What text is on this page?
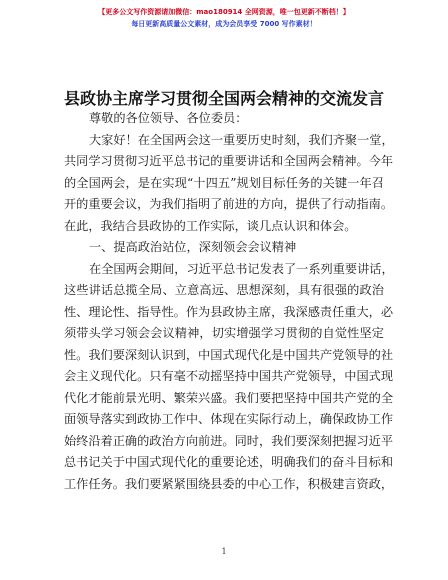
【更多公文写作资源请加微信：mao180914 全网资源，唯一包更新不断档！】
每日更新高质量公文素材，成为会员享受 7000 写作素材！
县政协主席学习贯彻全国两会精神的交流发言
尊敬的各位领导、各位委员：
大家好！在全国两会这一重要历史时刻，我们齐聚一堂，
共同学习贯彻习近平总书记的重要讲话和全国两会精神。今年
的全国两会，是在实现“十四五”规划目标任务的关键一年召
开的重要会议，为我们指明了前进的方向，提供了行动指南。
在此，我结合县政协的工作实际，谈几点认识和体会。
一、提高政治站位，深刻领会会议精神
在全国两会期间，习近平总书记发表了一系列重要讲话，
这些讲话总揽全局、立意高远、思想深刻，具有很强的政治
性、理论性、指导性。作为县政协主席，我深感责任重大，必
须带头学习领会会议精神，切实增强学习贯彻的自觉性坚定
性。我们要深刻认识到，中国式现代化是中国共产党领导的社
会主义现代化。只有毫不动摇坚持中国共产党领导，中国式现
代化才能前景光明、繁荣兴盛。我们要把坚持中国共产党的全
面领导落实到政协工作中、体现在实际行动上，确保政协工作
始终沿着正确的政治方向前进。同时，我们要深刻把握习近平
总书记关于中国式现代化的重要论述，明确我们的奋斗目标和
工作任务。我们要紧紧围绕县委的中心工作，积极建言资政，
1
